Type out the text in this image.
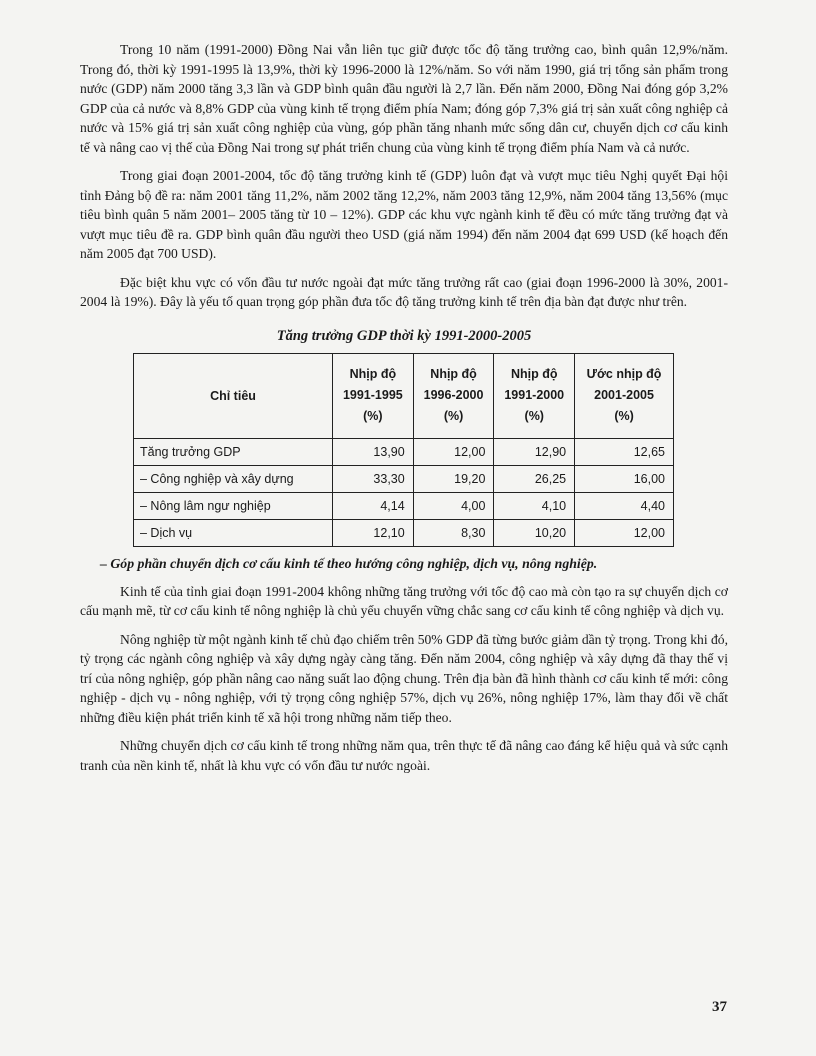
Trong 10 năm (1991-2000) Đồng Nai vẫn liên tục giữ được tốc độ tăng trưởng cao, bình quân 12,9%/năm. Trong đó, thời kỳ 1991-1995 là 13,9%, thời kỳ 1996-2000 là 12%/năm. So với năm 1990, giá trị tổng sản phẩm trong nước (GDP) năm 2000 tăng 3,3 lần và GDP bình quân đầu người là 2,7 lần. Đến năm 2000, Đồng Nai đóng góp 3,2% GDP của cả nước và 8,8% GDP của vùng kinh tế trọng điểm phía Nam; đóng góp 7,3% giá trị sản xuất công nghiệp cả nước và 15% giá trị sản xuất công nghiệp của vùng, góp phần tăng nhanh mức sống dân cư, chuyển dịch cơ cấu kinh tế và nâng cao vị thế của Đồng Nai trong sự phát triển chung của vùng kinh tế trọng điểm phía Nam và cả nước.

Trong giai đoạn 2001-2004, tốc độ tăng trưởng kinh tế (GDP) luôn đạt và vượt mục tiêu Nghị quyết Đại hội tỉnh Đảng bộ đề ra: năm 2001 tăng 11,2%, năm 2002 tăng 12,2%, năm 2003 tăng 12,9%, năm 2004 tăng 13,56% (mục tiêu bình quân 5 năm 2001– 2005 tăng từ 10 – 12%). GDP các khu vực ngành kinh tế đều có mức tăng trưởng đạt và vượt mục tiêu đề ra. GDP bình quân đầu người theo USD (giá năm 1994) đến năm 2004 đạt 699 USD (kế hoạch đến năm 2005 đạt 700 USD).

Đặc biệt khu vực có vốn đầu tư nước ngoài đạt mức tăng trưởng rất cao (giai đoạn 1996-2000 là 30%, 2001-2004 là 19%). Đây là yếu tố quan trọng góp phần đưa tốc độ tăng trưởng kinh tế trên địa bàn đạt được như trên.

Tăng trưởng GDP thời kỳ 1991-2000-2005
Chỉ tiêu	Nhịp độ
1991-1995
(%)	Nhịp độ
1996-2000
(%)	Nhịp độ
1991-2000
(%)	Ước nhịp độ
2001-2005
(%)

Tăng trưởng GDP	13,90	12,00	12,90	12,65
– Công nghiệp và xây dựng	33,30	19,20	26,25	16,00
– Nông lâm ngư nghiệp	4,14	4,00	4,10	4,40
– Dịch vụ	12,10	8,30	10,20	12,00
– Góp phần chuyển dịch cơ cấu kinh tế theo hướng công nghiệp, dịch vụ, nông nghiệp.

Kinh tế của tỉnh giai đoạn 1991-2004 không những tăng trưởng với tốc độ cao mà còn tạo ra sự chuyển dịch cơ cấu mạnh mẽ, từ cơ cấu kinh tế nông nghiệp là chủ yếu chuyển vững chắc sang cơ cấu kinh tế công nghiệp và dịch vụ.

Nông nghiệp từ một ngành kinh tế chủ đạo chiếm trên 50% GDP đã từng bước giảm dần tỷ trọng. Trong khi đó, tỷ trọng các ngành công nghiệp và xây dựng ngày càng tăng. Đến năm 2004, công nghiệp và xây dựng đã thay thế vị trí của nông nghiệp, góp phần nâng cao năng suất lao động chung. Trên địa bàn đã hình thành cơ cấu kinh tế mới: công nghiệp - dịch vụ - nông nghiệp, với tỷ trọng công nghiệp 57%, dịch vụ 26%, nông nghiệp 17%, làm thay đổi về chất những điều kiện phát triển kinh tế xã hội trong những năm tiếp theo.

Những chuyển dịch cơ cấu kinh tế trong những năm qua, trên thực tế đã nâng cao đáng kể hiệu quả và sức cạnh tranh của nền kinh tế, nhất là khu vực có vốn đầu tư nước ngoài.

37
